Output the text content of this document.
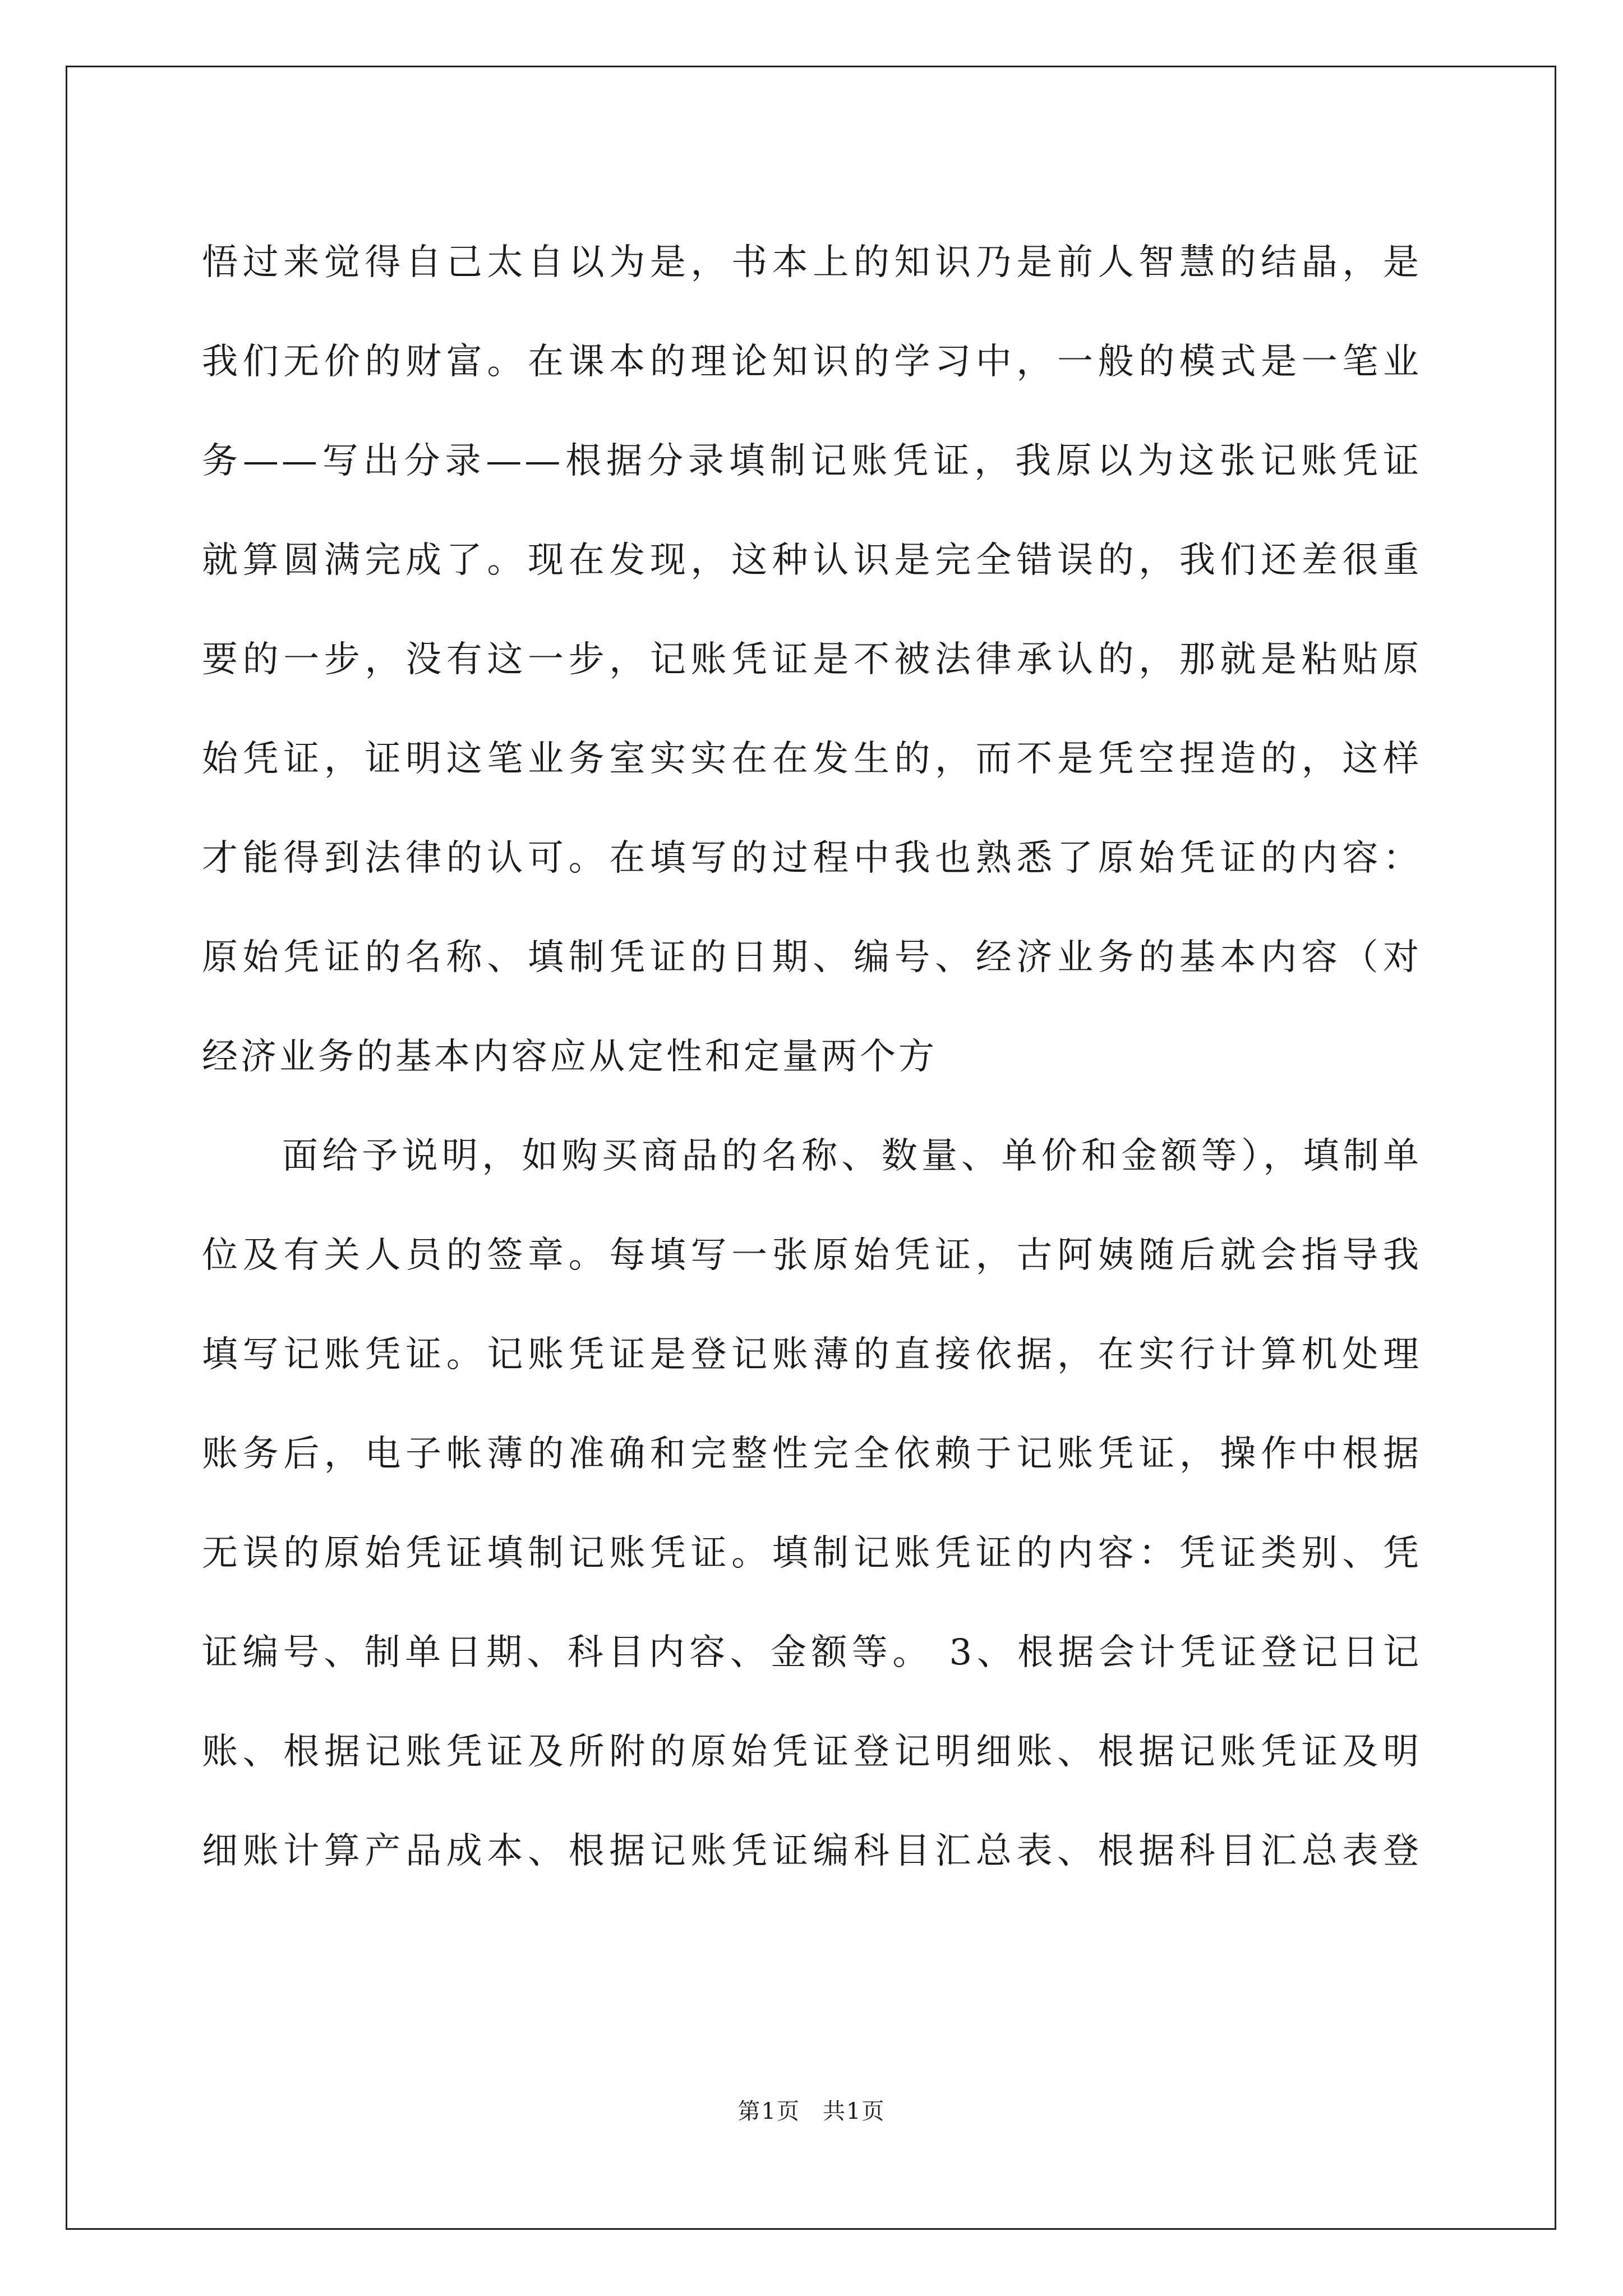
悟过来觉得自己太自以为是，书本上的知识乃是前人智慧的结晶，是

我们无价的财富。在课本的理论知识的学习中，一般的模式是一笔业

务——写出分录——根据分录填制记账凭证，我原以为这张记账凭证

就算圆满完成了。现在发现，这种认识是完全错误的，我们还差很重

要的一步，没有这一步，记账凭证是不被法律承认的，那就是粘贴原

始凭证，证明这笔业务室实实在在发生的，而不是凭空捏造的，这样

才能得到法律的认可。在填写的过程中我也熟悉了原始凭证的内容：

原始凭证的名称、填制凭证的日期、编号、经济业务的基本内容（对

经济业务的基本内容应从定性和定量两个方

面给予说明，如购买商品的名称、数量、单价和金额等），填制单

位及有关人员的签章。每填写一张原始凭证，古阿姨随后就会指导我

填写记账凭证。记账凭证是登记账薄的直接依据，在实行计算机处理

账务后，电子帐薄的准确和完整性完全依赖于记账凭证，操作中根据

无误的原始凭证填制记账凭证。填制记账凭证的内容：凭证类别、凭

证编号、制单日期、科目内容、金额等。 3、根据会计凭证登记日记

账、根据记账凭证及所附的原始凭证登记明细账、根据记账凭证及明

细账计算产品成本、根据记账凭证编科目汇总表、根据科目汇总表登

第1页 共1页
